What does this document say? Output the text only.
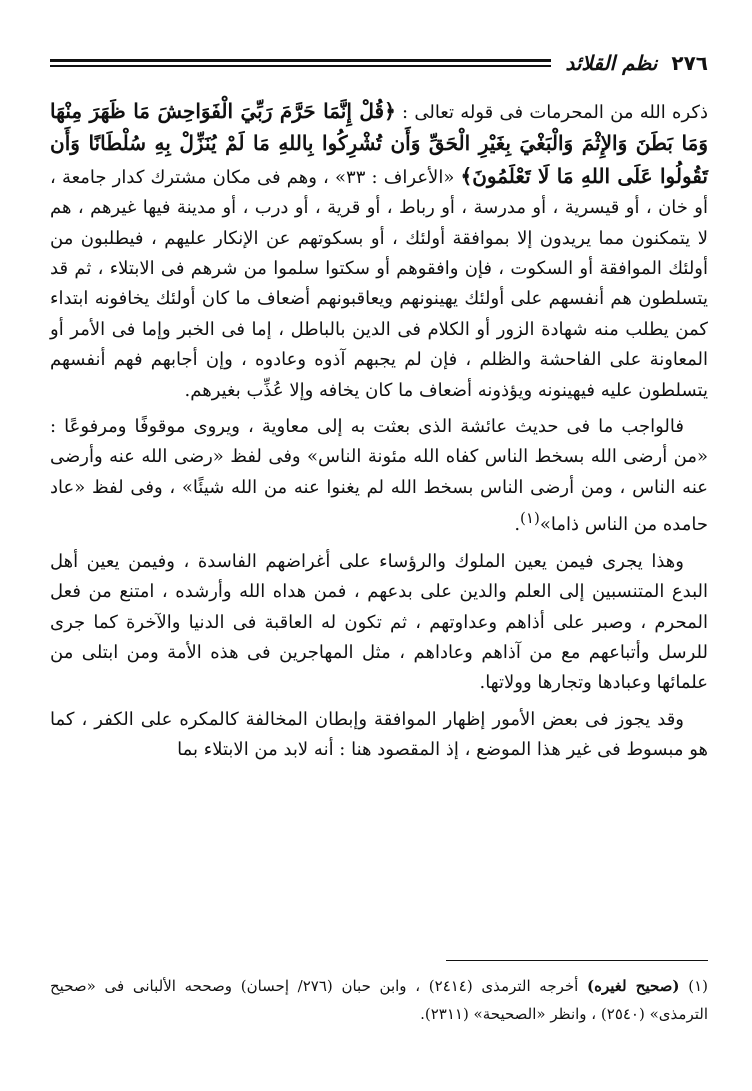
٢٧٦
نظم القلائد

ذكره الله من المحرمات فى قوله تعالى : ﴿قُلْ إِنَّمَا حَرَّمَ رَبِّيَ الْفَوَاحِشَ مَا ظَهَرَ مِنْهَا وَمَا بَطَنَ وَالإِثْمَ وَالْبَغْيَ بِغَيْرِ الْحَقِّ وَأَن تُشْرِكُوا بِاللهِ مَا لَمْ يُنَزِّلْ بِهِ سُلْطَانًا وَأَن تَقُولُوا عَلَى اللهِ مَا لَا تَعْلَمُونَ﴾ «الأعراف : ٣٣» ، وهم فى مكان مشترك كدار جامعة ، أو خان ، أو قيسرية ، أو مدرسة ، أو رباط ، أو قرية ، أو درب ، أو مدينة فيها غيرهم ، هم لا يتمكنون مما يريدون إلا بموافقة أولئك ، أو بسكوتهم عن الإنكار عليهم ، فيطلبون من أولئك الموافقة أو السكوت ، فإن وافقوهم أو سكتوا سلموا من شرهم فى الابتلاء ، ثم قد يتسلطون هم أنفسهم على أولئك يهينونهم ويعاقبونهم أضعاف ما كان أولئك يخافونه ابتداء كمن يطلب منه شهادة الزور أو الكلام فى الدين بالباطل ، إما فى الخبر وإما فى الأمر أو المعاونة على الفاحشة والظلم ، فإن لم يجبهم آذوه وعادوه ، وإن أجابهم فهم أنفسهم يتسلطون عليه فيهينونه ويؤذونه أضعاف ما كان يخافه وإلا عُذِّب بغيرهم.

فالواجب ما فى حديث عائشة الذى بعثت به إلى معاوية ، ويروى موقوفًا ومرفوعًا : «من أرضى الله بسخط الناس كفاه الله مئونة الناس» وفى لفظ «رضى الله عنه وأرضى عنه الناس ، ومن أرضى الناس بسخط الله لم يغنوا عنه من الله شيئًا» ، وفى لفظ «عاد حامده من الناس ذاما»$^{(١)}$.

وهذا يجرى فيمن يعين الملوك والرؤساء على أغراضهم الفاسدة ، وفيمن يعين أهل البدع المتنسبين إلى العلم والدين على بدعهم ، فمن هداه الله وأرشده ، امتنع من فعل المحرم ، وصبر على أذاهم وعداوتهم ، ثم تكون له العاقبة فى الدنيا والآخرة كما جرى للرسل وأتباعهم مع من آذاهم وعاداهم ، مثل المهاجرين فى هذه الأمة ومن ابتلى من علمائها وعبادها وتجارها وولاتها.

وقد يجوز فى بعض الأمور إظهار الموافقة وإبطان المخالفة كالمكره على الكفر ، كما هو مبسوط فى غير هذا الموضع ، إذ المقصود هنا : أنه لابد من الابتلاء بما

(١) (صحيح لغيره) أخرجه الترمذى (٢٤١٤) ، وابن حبان (٢٧٦/ إحسان) وصححه الألبانى فى «صحيح الترمذى» (٢٥٤٠) ، وانظر «الصحيحة» (٢٣١١).
